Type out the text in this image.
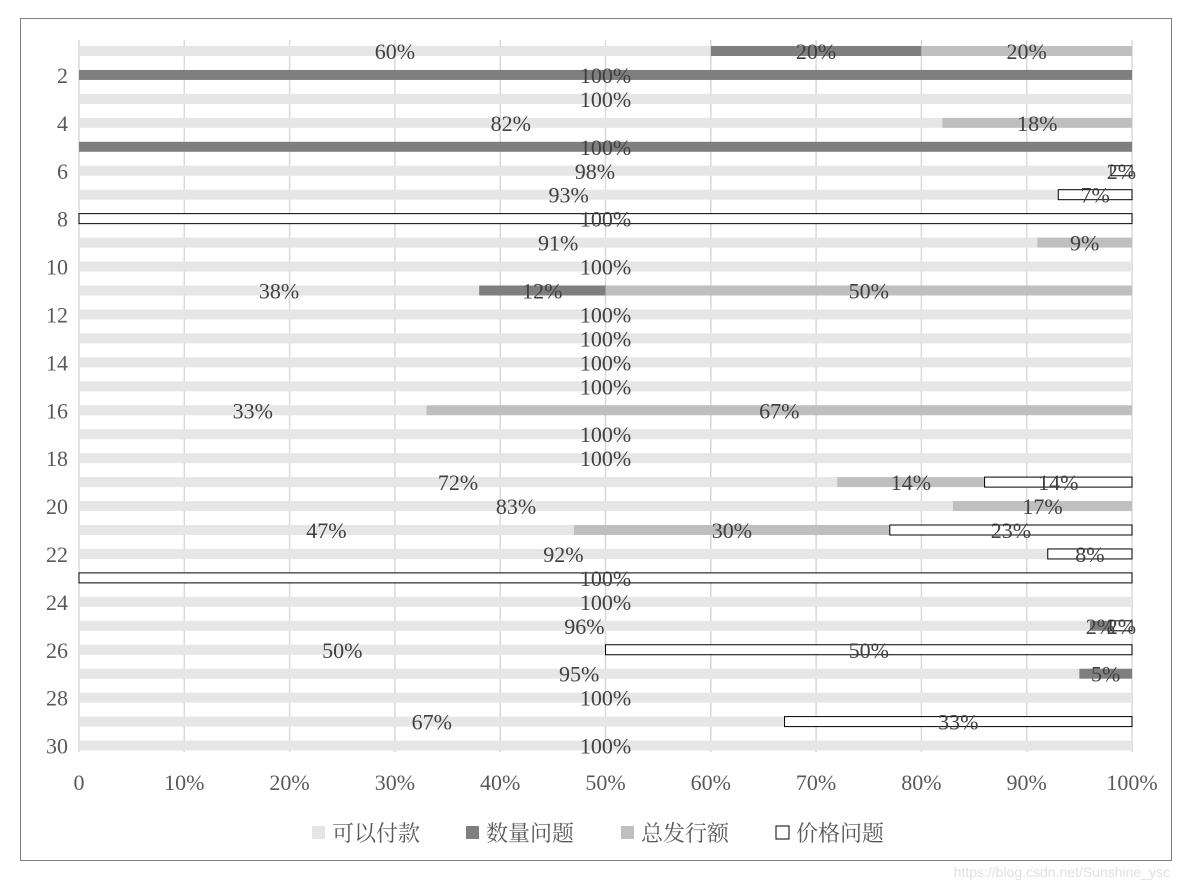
60%	20%	20%
100%
100%
82%	18%
100%
98%	2%
93%	7%
100%
91%	9%
100%
38%	12%	50%
100%
100%
100%
100%
33%	67%
100%
100%
72%	14%	14%
83%	17%
47%	30%	23%
92%	8%
100%
100%
96%	2%
2%
50%	50%
95%	5%
100%
67%	33%
100%
2
4
6
8
10
12
14
16
18
20
22
24
26
28
30
0	10%	20%	30%	40%	50%	60%	70%	80%	90%	100%
可以付款	数量问题	总发行额	价格问题
https://blog.csdn.net/Sunshine_ysc
